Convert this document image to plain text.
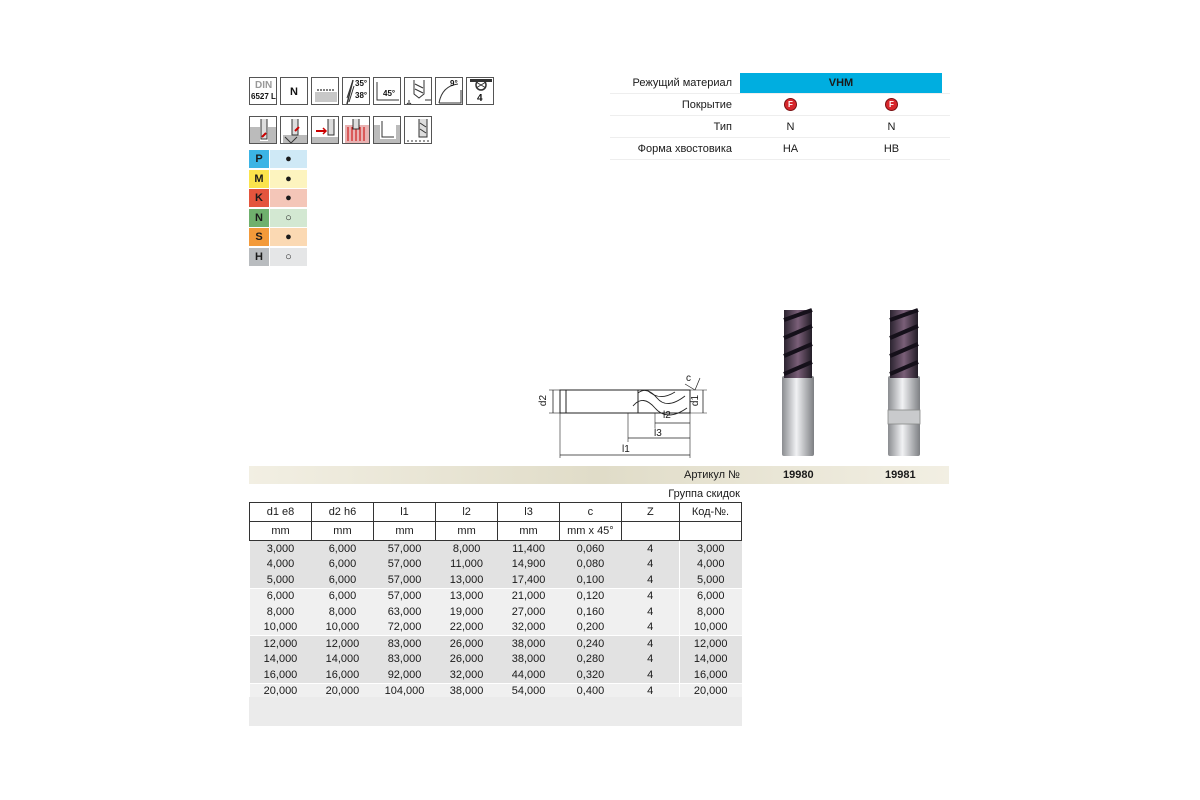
DIN
6527 L N
35°
38° 45°
9°
4
P	●
M	●
K	●
N	○
S	●
H	○
Режущий материал	VHM
Покрытие	F	F
Тип	N	N
Форма хвостовика	HA	HB
d2	d1
c
l2
l3
l1
Артикул №	19980	19981
Группа скидок
d1 e8	d2 h6	l1	l2	l3	c	Z	Код-№.
mm	mm	mm	mm	mm	mm x 45°		
3,000	6,000	57,000	8,000	11,400	0,060	4	3,000
4,000	6,000	57,000	11,000	14,900	0,080	4	4,000
5,000	6,000	57,000	13,000	17,400	0,100	4	5,000
6,000	6,000	57,000	13,000	21,000	0,120	4	6,000
8,000	8,000	63,000	19,000	27,000	0,160	4	8,000
10,000	10,000	72,000	22,000	32,000	0,200	4	10,000
12,000	12,000	83,000	26,000	38,000	0,240	4	12,000
14,000	14,000	83,000	26,000	38,000	0,280	4	14,000
16,000	16,000	92,000	32,000	44,000	0,320	4	16,000
20,000	20,000	104,000	38,000	54,000	0,400	4	20,000
